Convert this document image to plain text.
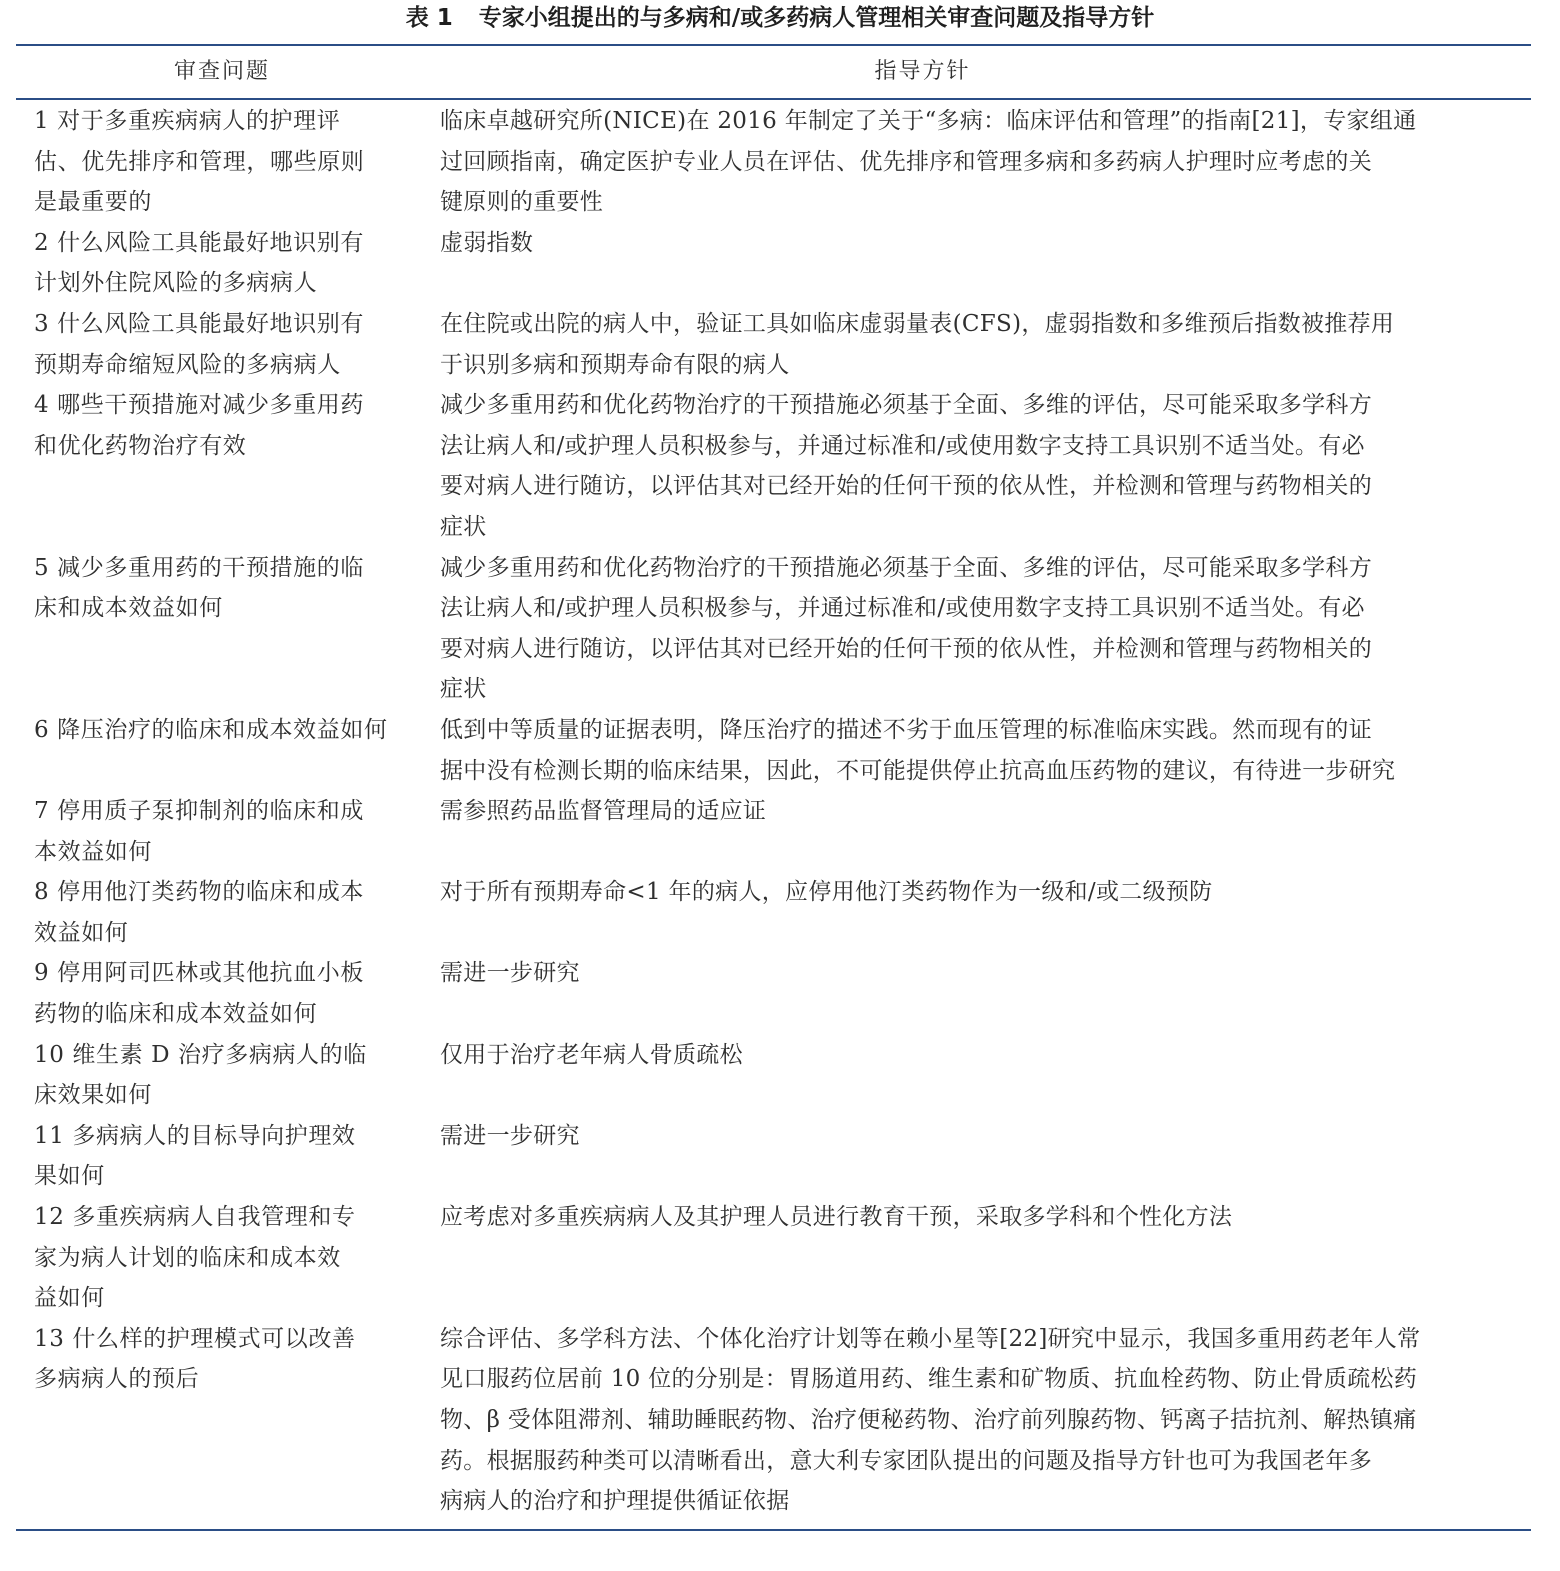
表 1 专家小组提出的与多病和/或多药病人管理相关审查问题及指导方针
审查问题	指导方针
1 对于多重疾病病人的护理评
估、优先排序和管理，哪些原则
是最重要的
临床卓越研究所(NICE)在 2016 年制定了关于“多病：临床评估和管理”的指南[21]，专家组通
过回顾指南，确定医护专业人员在评估、优先排序和管理多病和多药病人护理时应考虑的关
键原则的重要性
2 什么风险工具能最好地识别有
计划外住院风险的多病病人
虚弱指数
3 什么风险工具能最好地识别有
预期寿命缩短风险的多病病人
在住院或出院的病人中，验证工具如临床虚弱量表(CFS)，虚弱指数和多维预后指数被推荐用
于识别多病和预期寿命有限的病人
4 哪些干预措施对减少多重用药
和优化药物治疗有效
减少多重用药和优化药物治疗的干预措施必须基于全面、多维的评估，尽可能采取多学科方
法让病人和/或护理人员积极参与，并通过标准和/或使用数字支持工具识别不适当处。有必
要对病人进行随访，以评估其对已经开始的任何干预的依从性，并检测和管理与药物相关的
症状
5 减少多重用药的干预措施的临
床和成本效益如何
减少多重用药和优化药物治疗的干预措施必须基于全面、多维的评估，尽可能采取多学科方
法让病人和/或护理人员积极参与，并通过标准和/或使用数字支持工具识别不适当处。有必
要对病人进行随访，以评估其对已经开始的任何干预的依从性，并检测和管理与药物相关的
症状
6 降压治疗的临床和成本效益如何	低到中等质量的证据表明，降压治疗的描述不劣于血压管理的标准临床实践。然而现有的证
据中没有检测长期的临床结果，因此，不可能提供停止抗高血压药物的建议，有待进一步研究
7 停用质子泵抑制剂的临床和成
本效益如何
需参照药品监督管理局的适应证
8 停用他汀类药物的临床和成本
效益如何
对于所有预期寿命<1 年的病人，应停用他汀类药物作为一级和/或二级预防
9 停用阿司匹林或其他抗血小板
药物的临床和成本效益如何
需进一步研究
10 维生素 D 治疗多病病人的临
床效果如何
仅用于治疗老年病人骨质疏松
11 多病病人的目标导向护理效
果如何
需进一步研究
12 多重疾病病人自我管理和专
家为病人计划的临床和成本效
益如何
应考虑对多重疾病病人及其护理人员进行教育干预，采取多学科和个性化方法
13 什么样的护理模式可以改善
多病病人的预后
综合评估、多学科方法、个体化治疗计划等在赖小星等[22]研究中显示，我国多重用药老年人常
见口服药位居前 10 位的分别是：胃肠道用药、维生素和矿物质、抗血栓药物、防止骨质疏松药
物、β 受体阻滞剂、辅助睡眠药物、治疗便秘药物、治疗前列腺药物、钙离子拮抗剂、解热镇痛
药。根据服药种类可以清晰看出，意大利专家团队提出的问题及指导方针也可为我国老年多
病病人的治疗和护理提供循证依据
